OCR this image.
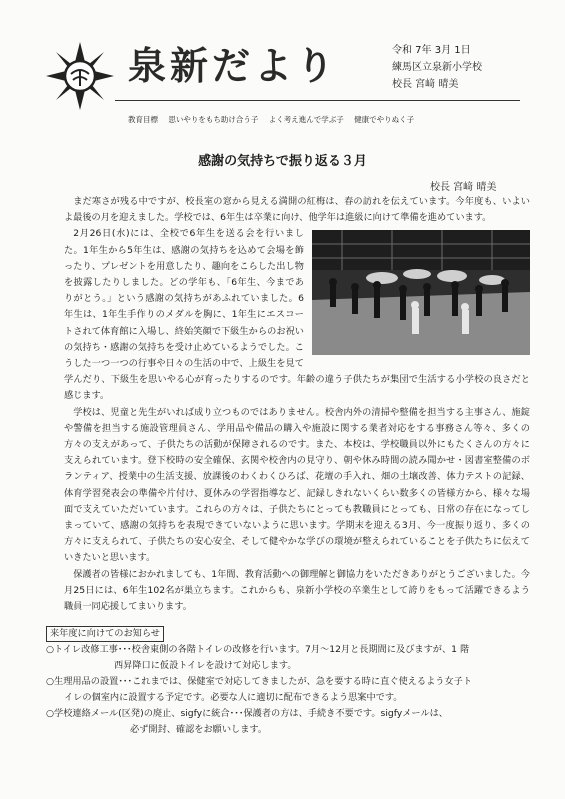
泉新だより	令和 7年 3月 1日
練馬区立泉新小学校
校長 宮﨑 晴美
教育目標 思いやりをもち助け合う子 よく考え進んで学ぶ子 健康でやりぬく子
感謝の気持ちで振り返る３月
校長 宮﨑 晴美

まだ寒さが残る中ですが、校長室の窓から見える満開の紅梅は、春の訪れを伝えています。今年度も、いよいよ最後の月を迎えました。学校では、6年生は卒業に向け、他学年は進級に向けて準備を進めています。

2月26日(水)には、全校で6年生を送る会を行いました。1年生から5年生は、感謝の気持ちを込めて会場を飾ったり、プレゼントを用意したり、趣向をこらした出し物を披露したりしました。どの学年も、「6年生、今までありがとう。」という感謝の気持ちがあふれていました。6年生は、1年生手作りのメダルを胸に、1年生にエスコートされて体育館に入場し、終始笑顔で下級生からのお祝いの気持ち・感謝の気持ちを受け止めているようでした。こうした一つ一つの行事や日々の生活の中で、上級生を見て学んだり、下級生を思いやる心が育ったりするのです。年齢の違う子供たちが集団で生活する小学校の良さだと感じます。

学校は、児童と先生がいれば成り立つものではありません。校舎内外の清掃や整備を担当する主事さん、施錠や警備を担当する施設管理員さん、学用品や備品の購入や施設に関する業者対応をする事務さん等々、多くの方々の支えがあって、子供たちの活動が保障されるのです。また、本校は、学校職員以外にもたくさんの方々に支えられています。登下校時の安全確保、玄関や校舎内の見守り、朝や休み時間の読み聞かせ・図書室整備のボランティア、授業中の生活支援、放課後のわくわくひろば、花壇の手入れ、畑の土壌改善、体力テストの記録、体育学習発表会の準備や片付け、夏休みの学習指導など、記録しきれないくらい数多くの皆様方から、様々な場面で支えていただいています。これらの方々は、子供たちにとっても教職員にとっても、日常の存在になってしまっていて、感謝の気持ちを表現できていないように思います。学期末を迎える3月、今一度振り返り、多くの方々に支えられて、子供たちの安心安全、そして健やかな学びの環境が整えられていることを子供たちに伝えていきたいと思います。

保護者の皆様におかれましても、1年間、教育活動への御理解と御協力をいただきありがとうございました。今月25日には、6年生102名が巣立ちます。これからも、泉新小学校の卒業生として誇りをもって活躍できるよう職員一同応援してまいります。

来年度に向けてのお知らせ
○トイレ改修工事･･･校舎東側の各階トイレの改修を行います。7月～12月と長期間に及びますが、1 階
西昇降口に仮設トイレを設けて対応します。
○生理用品の設置･･･これまでは、保健室で対応してきましたが、急を要する時に直ぐ使えるよう女子ト
イレの個室内に設置する予定です。必要な人に適切に配布できるよう思案中です。
○学校連絡メール(区発)の廃止、sigfyに統合･･･保護者の方は、手続き不要です。sigfyメールは、
必ず開封、確認をお願いします。
